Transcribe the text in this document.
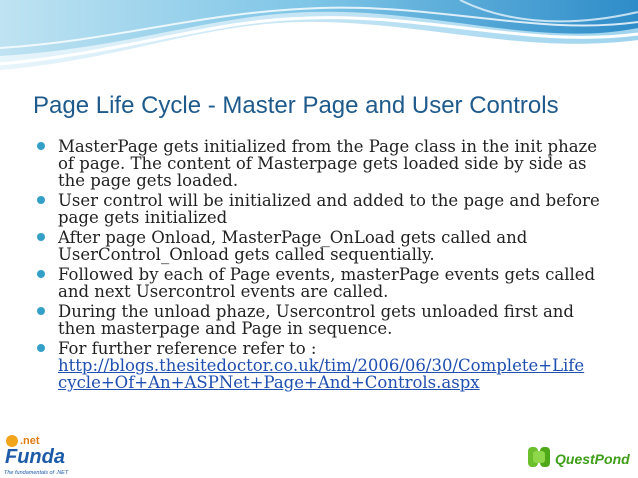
Page Life Cycle - Master Page and User Controls
MasterPage gets initialized from the Page class in the init phaze of page. The content of Masterpage gets loaded side by side as the page gets loaded.
User control will be initialized and added to the page and before page gets initialized
After page Onload, MasterPage_OnLoad gets called and UserControl_Onload gets called sequentially.
Followed by each of Page events, masterPage events gets called and next Usercontrol events are called.
During the unload phaze, Usercontrol gets unloaded first and then masterpage and Page in sequence.
For further reference refer to :
http://blogs.thesitedoctor.co.uk/tim/2006/06/30/Complete+Life cycle+Of+An+ASPNet+Page+And+Controls.aspx
.net
Funda
The fundamentals of .NET
QuestPond
